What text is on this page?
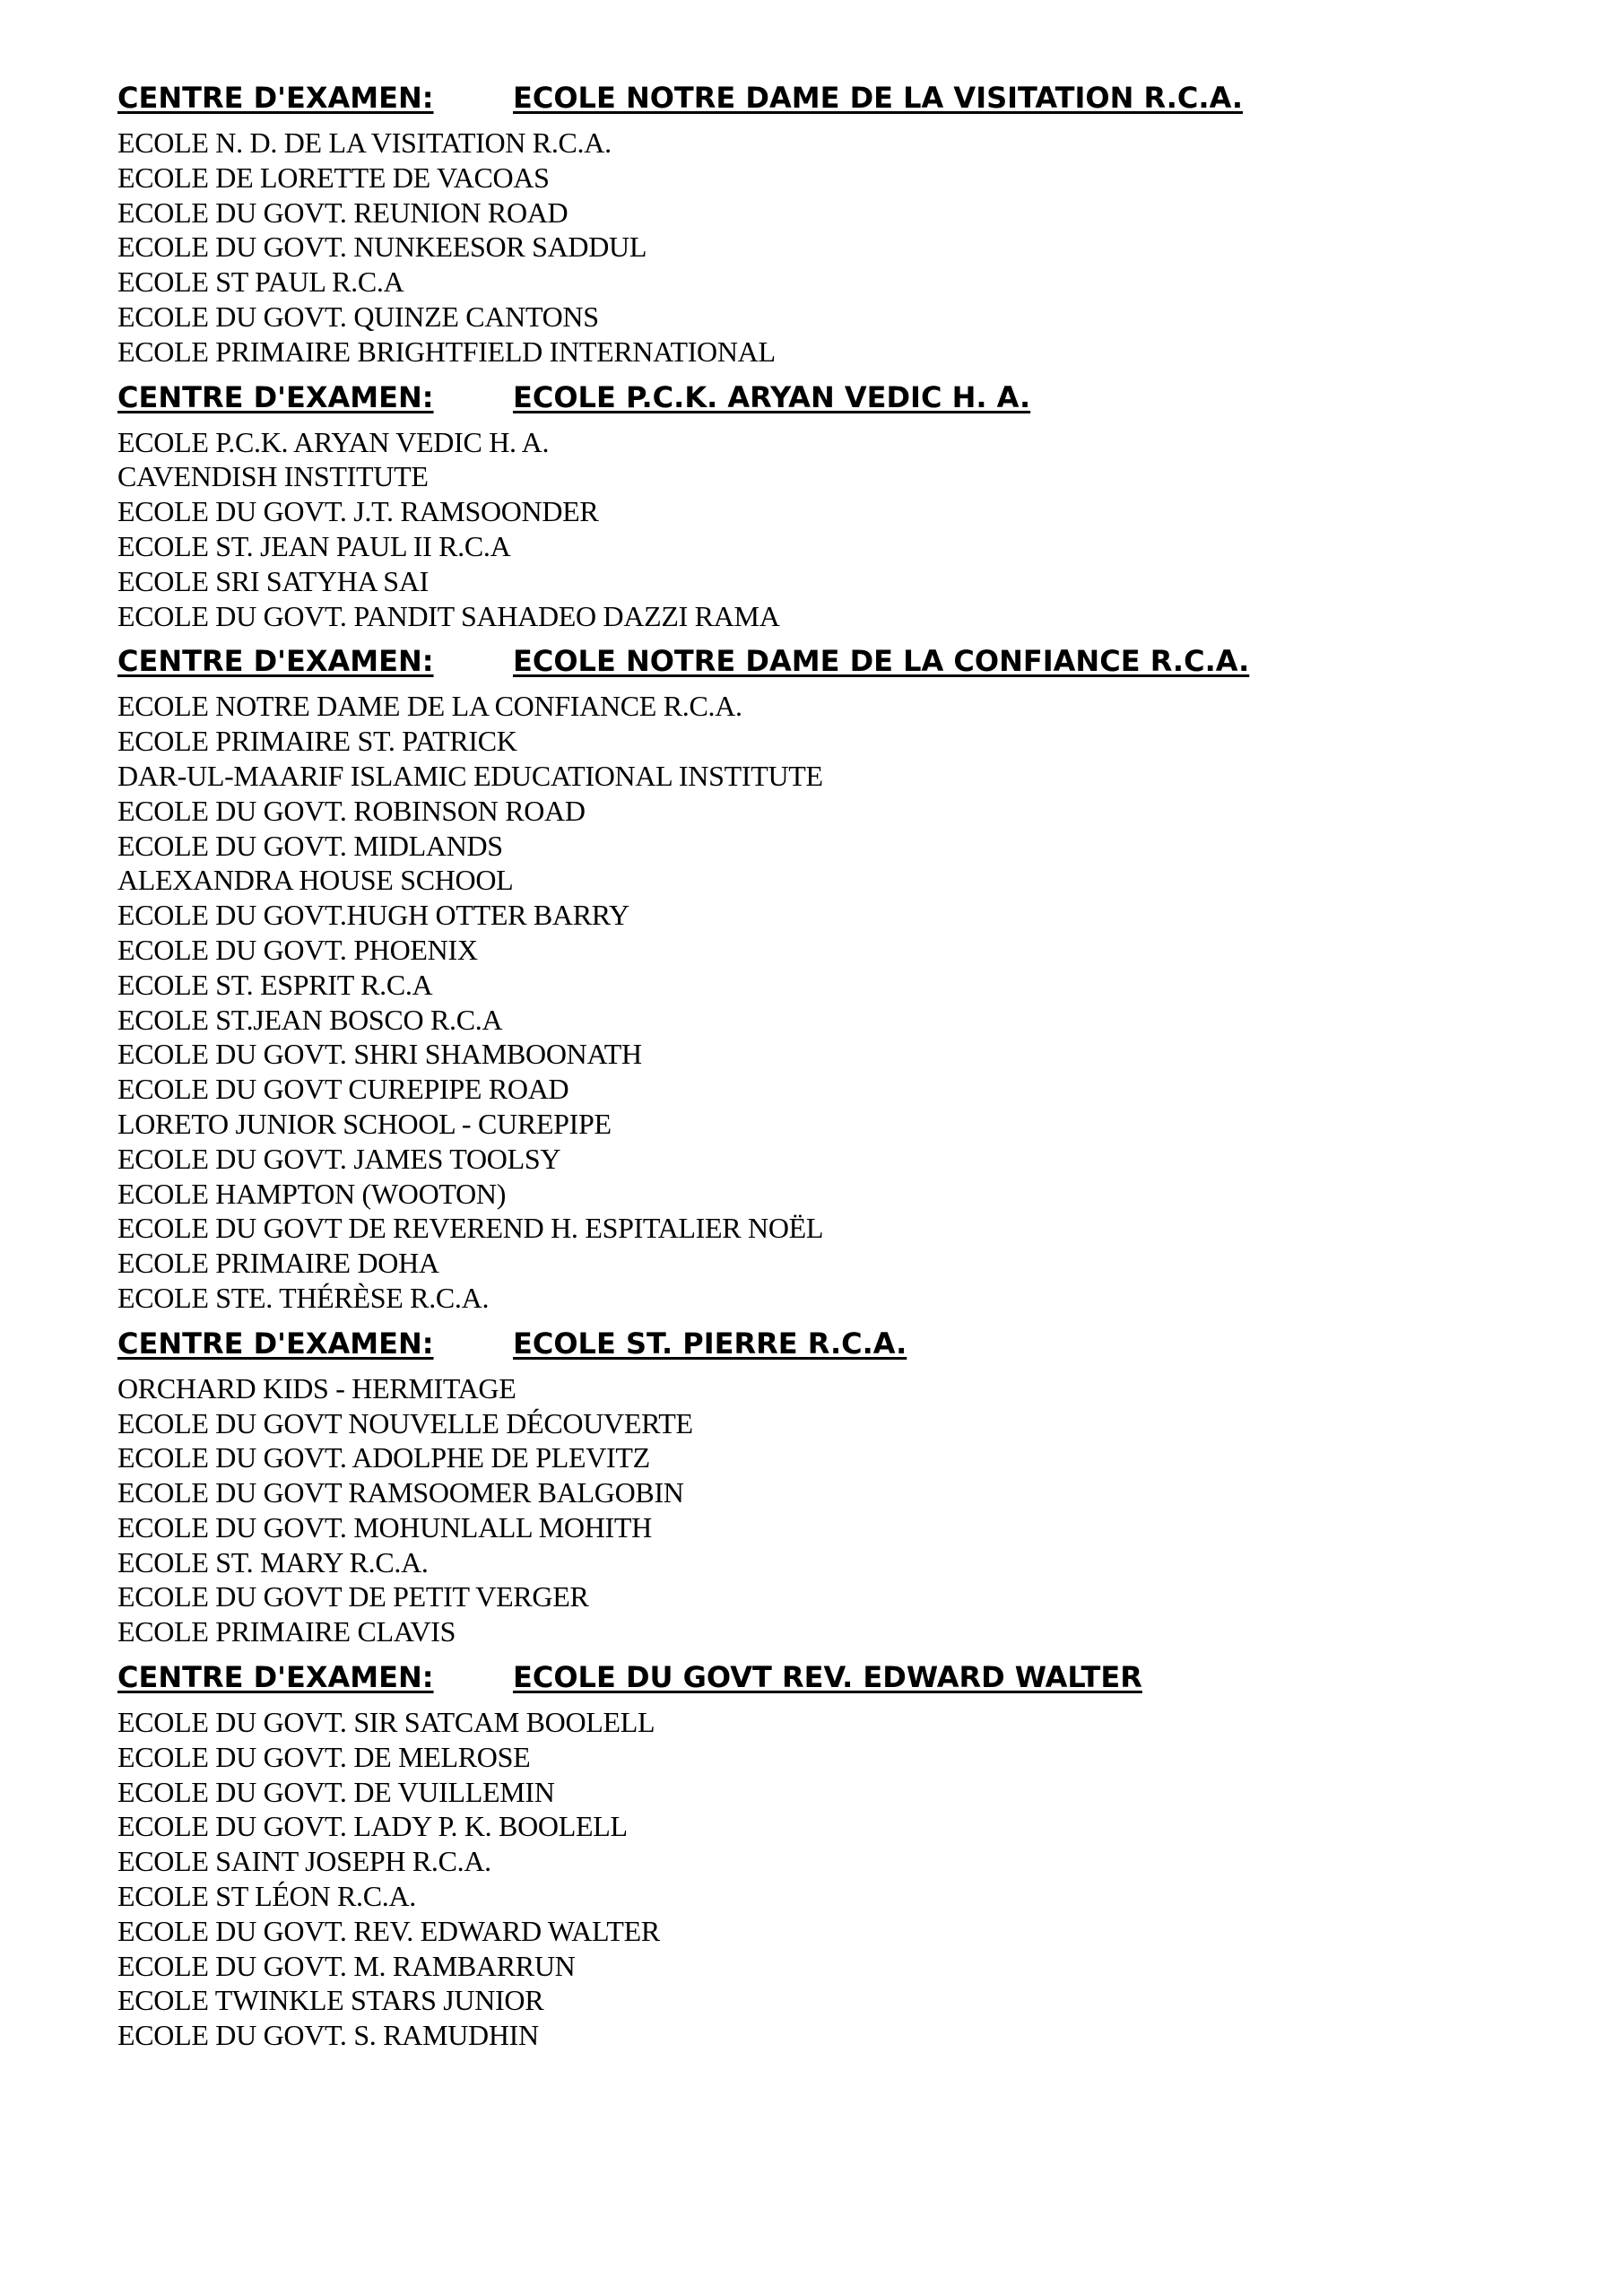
CENTRE D'EXAMEN:	ECOLE NOTRE DAME DE LA VISITATION R.C.A.
ECOLE N. D. DE LA VISITATION R.C.A.
ECOLE DE LORETTE DE VACOAS
ECOLE DU GOVT. REUNION ROAD
ECOLE DU GOVT. NUNKEESOR SADDUL
ECOLE ST PAUL R.C.A
ECOLE DU GOVT. QUINZE CANTONS
ECOLE PRIMAIRE BRIGHTFIELD INTERNATIONAL
CENTRE D'EXAMEN:	ECOLE P.C.K. ARYAN VEDIC H. A.
ECOLE P.C.K. ARYAN VEDIC H. A.
CAVENDISH INSTITUTE
ECOLE DU GOVT. J.T. RAMSOONDER
ECOLE ST. JEAN PAUL II R.C.A
ECOLE SRI SATYHA SAI
ECOLE DU GOVT. PANDIT SAHADEO DAZZI RAMA
CENTRE D'EXAMEN:	ECOLE NOTRE DAME DE LA CONFIANCE R.C.A.
ECOLE NOTRE DAME DE LA CONFIANCE R.C.A.
ECOLE PRIMAIRE ST. PATRICK
DAR-UL-MAARIF ISLAMIC EDUCATIONAL INSTITUTE
ECOLE DU GOVT. ROBINSON ROAD
ECOLE DU GOVT. MIDLANDS
ALEXANDRA HOUSE SCHOOL
ECOLE DU GOVT.HUGH OTTER BARRY
ECOLE DU GOVT. PHOENIX
ECOLE ST. ESPRIT R.C.A
ECOLE ST.JEAN BOSCO R.C.A
ECOLE DU GOVT. SHRI SHAMBOONATH
ECOLE DU GOVT CUREPIPE ROAD
LORETO JUNIOR SCHOOL - CUREPIPE
ECOLE DU GOVT. JAMES TOOLSY
ECOLE HAMPTON (WOOTON)
ECOLE DU GOVT DE REVEREND H. ESPITALIER NOËL
ECOLE PRIMAIRE DOHA
ECOLE STE. THÉRÈSE R.C.A.
CENTRE D'EXAMEN:	ECOLE ST. PIERRE R.C.A.
ORCHARD KIDS - HERMITAGE
ECOLE DU GOVT NOUVELLE DÉCOUVERTE
ECOLE DU GOVT. ADOLPHE DE PLEVITZ
ECOLE DU GOVT RAMSOOMER BALGOBIN
ECOLE DU GOVT. MOHUNLALL MOHITH
ECOLE ST. MARY R.C.A.
ECOLE DU GOVT DE PETIT VERGER
ECOLE PRIMAIRE CLAVIS
CENTRE D'EXAMEN:	ECOLE DU GOVT REV. EDWARD WALTER
ECOLE DU GOVT. SIR SATCAM BOOLELL
ECOLE DU GOVT. DE MELROSE
ECOLE DU GOVT. DE VUILLEMIN
ECOLE DU GOVT. LADY P. K. BOOLELL
ECOLE SAINT JOSEPH R.C.A.
ECOLE ST LÉON R.C.A.
ECOLE DU GOVT. REV. EDWARD WALTER
ECOLE DU GOVT. M. RAMBARRUN
ECOLE TWINKLE STARS JUNIOR
ECOLE DU GOVT. S. RAMUDHIN
